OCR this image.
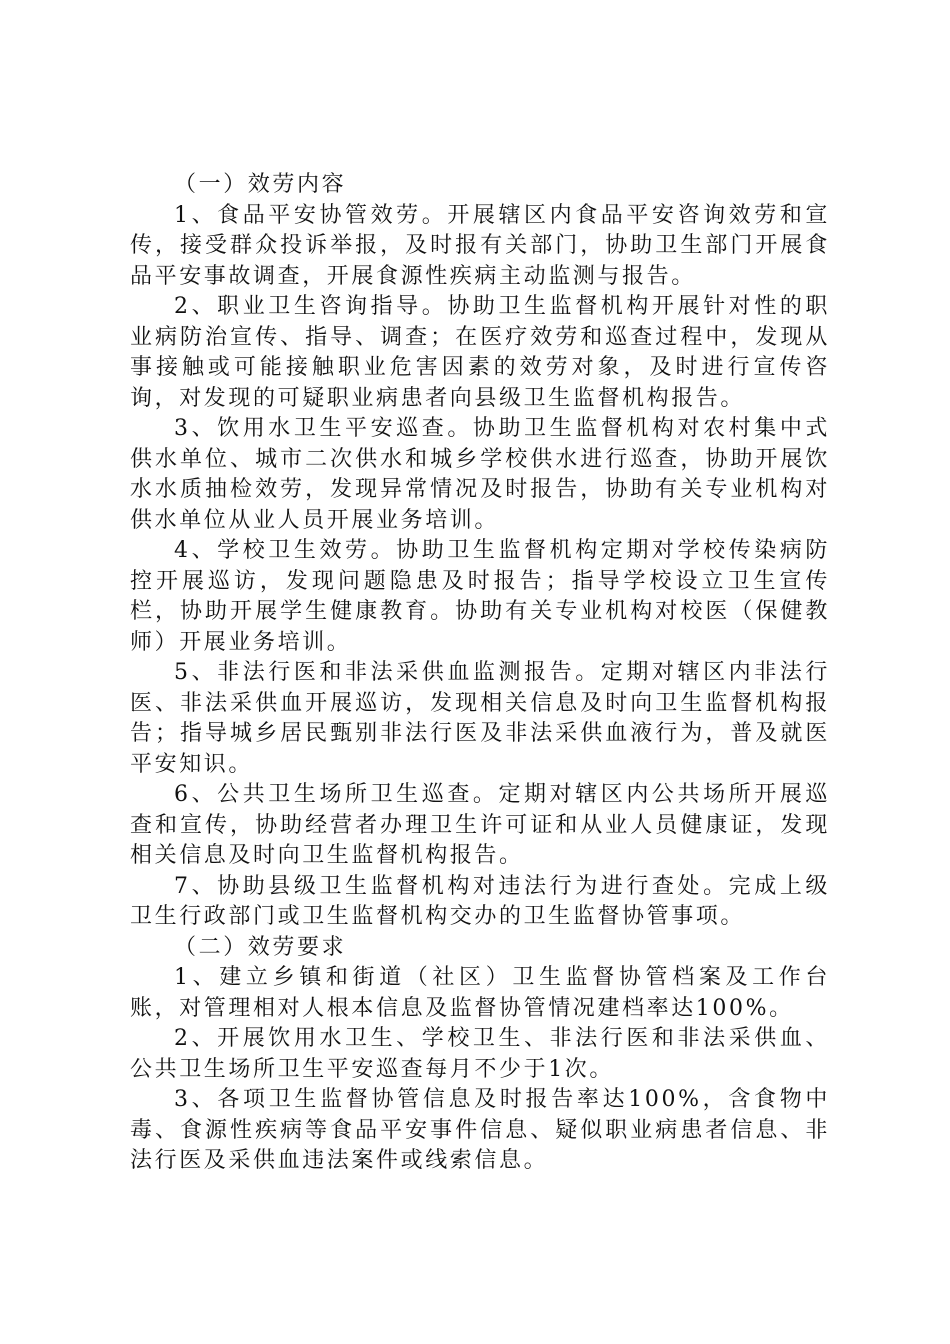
（一）效劳内容

1、食品平安协管效劳。开展辖区内食品平安咨询效劳和宣传，接受群众投诉举报，及时报有关部门，协助卫生部门开展食品平安事故调查，开展食源性疾病主动监测与报告。

2、职业卫生咨询指导。协助卫生监督机构开展针对性的职业病防治宣传、指导、调查；在医疗效劳和巡查过程中，发现从事接触或可能接触职业危害因素的效劳对象，及时进行宣传咨询，对发现的可疑职业病患者向县级卫生监督机构报告。

3、饮用水卫生平安巡查。协助卫生监督机构对农村集中式供水单位、城市二次供水和城乡学校供水进行巡查，协助开展饮水水质抽检效劳，发现异常情况及时报告，协助有关专业机构对供水单位从业人员开展业务培训。

4、学校卫生效劳。协助卫生监督机构定期对学校传染病防控开展巡访，发现问题隐患及时报告；指导学校设立卫生宣传栏，协助开展学生健康教育。协助有关专业机构对校医（保健教师）开展业务培训。

5、非法行医和非法采供血监测报告。定期对辖区内非法行医、非法采供血开展巡访，发现相关信息及时向卫生监督机构报告；指导城乡居民甄别非法行医及非法采供血液行为，普及就医平安知识。

6、公共卫生场所卫生巡查。定期对辖区内公共场所开展巡查和宣传，协助经营者办理卫生许可证和从业人员健康证，发现相关信息及时向卫生监督机构报告。

7、协助县级卫生监督机构对违法行为进行查处。完成上级卫生行政部门或卫生监督机构交办的卫生监督协管事项。

（二）效劳要求

1、建立乡镇和街道（社区）卫生监督协管档案及工作台账，对管理相对人根本信息及监督协管情况建档率达100%。

2、开展饮用水卫生、学校卫生、非法行医和非法采供血、公共卫生场所卫生平安巡查每月不少于1次。

3、各项卫生监督协管信息及时报告率达100%，含食物中毒、食源性疾病等食品平安事件信息、疑似职业病患者信息、非法行医及采供血违法案件或线索信息。
